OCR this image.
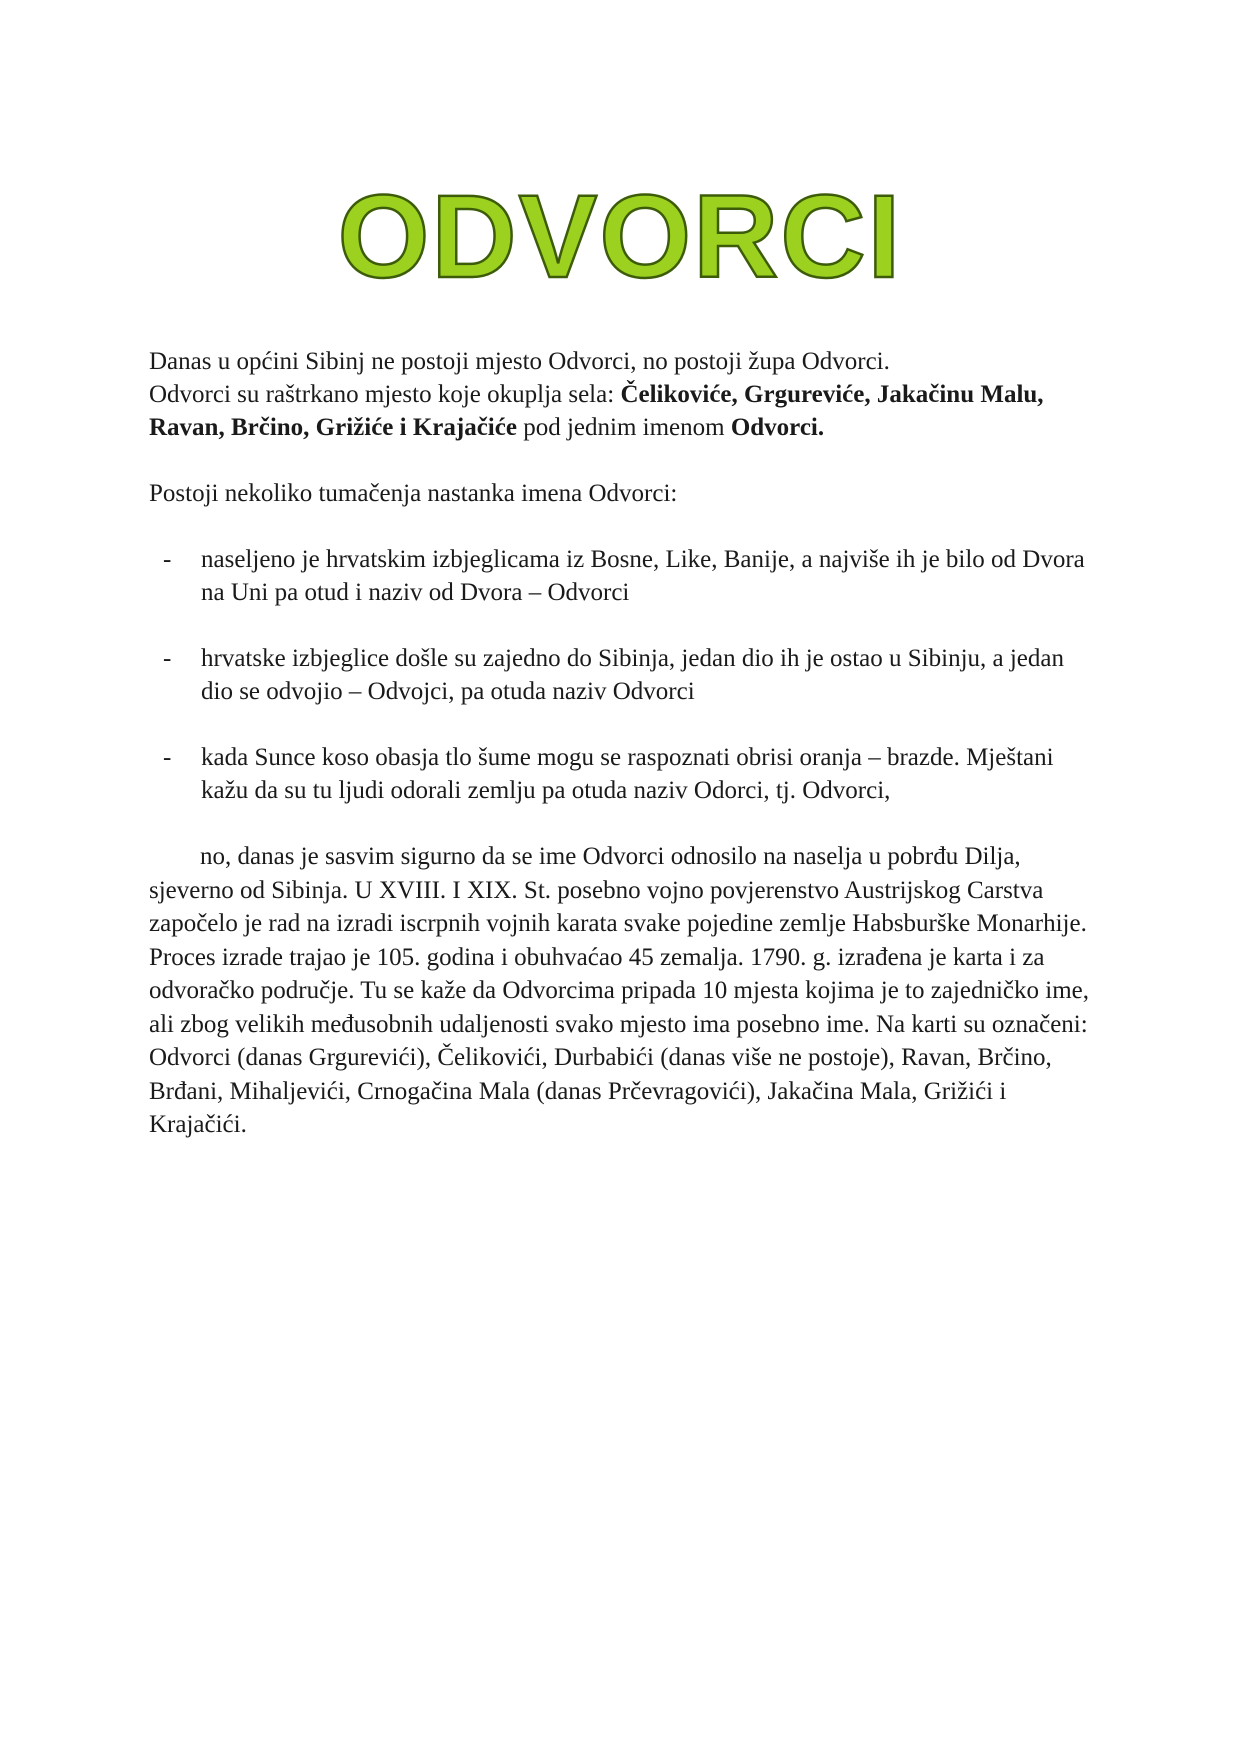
ODVORCI

Danas u općini Sibinj ne postoji mjesto Odvorci, no postoji župa Odvorci.
Odvorci su raštrkano mjesto koje okuplja sela: Čelikoviće, Grgureviće, Jakačinu Malu, Ravan, Brčino, Grižiće i Krajačiće pod jednim imenom Odvorci.

Postoji nekoliko tumačenja nastanka imena Odvorci:

- naseljeno je hrvatskim izbjeglicama iz Bosne, Like, Banije, a najviše ih je bilo od Dvora na Uni pa otud i naziv od Dvora – Odvorci
- hrvatske izbjeglice došle su zajedno do Sibinja, jedan dio ih je ostao u Sibinju, a jedan dio se odvojio – Odvojci, pa otuda naziv Odvorci
- kada Sunce koso obasja tlo šume mogu se raspoznati obrisi oranja – brazde. Mještani kažu da su tu ljudi odorali zemlju pa otuda naziv Odorci, tj. Odvorci,

no, danas je sasvim sigurno da se ime Odvorci odnosilo na naselja u pobrđu Dilja, sjeverno od Sibinja. U XVIII. I XIX. St. posebno vojno povjerenstvo Austrijskog Carstva započelo je rad na izradi iscrpnih vojnih karata svake pojedine zemlje Habsburške Monarhije. Proces izrade trajao je 105. godina i obuhvaćao 45 zemalja. 1790. g. izrađena je karta i za odvoračko područje. Tu se kaže da Odvorcima pripada 10 mjesta kojima je to zajedničko ime, ali zbog velikih međusobnih udaljenosti svako mjesto ima posebno ime. Na karti su označeni: Odvorci (danas Grgurevići), Čelikovići, Durbabići (danas više ne postoje), Ravan, Brčino, Brđani, Mihaljevići, Crnogačina Mala (danas Prčevragovići), Jakačina Mala, Grižići i Krajačići.
